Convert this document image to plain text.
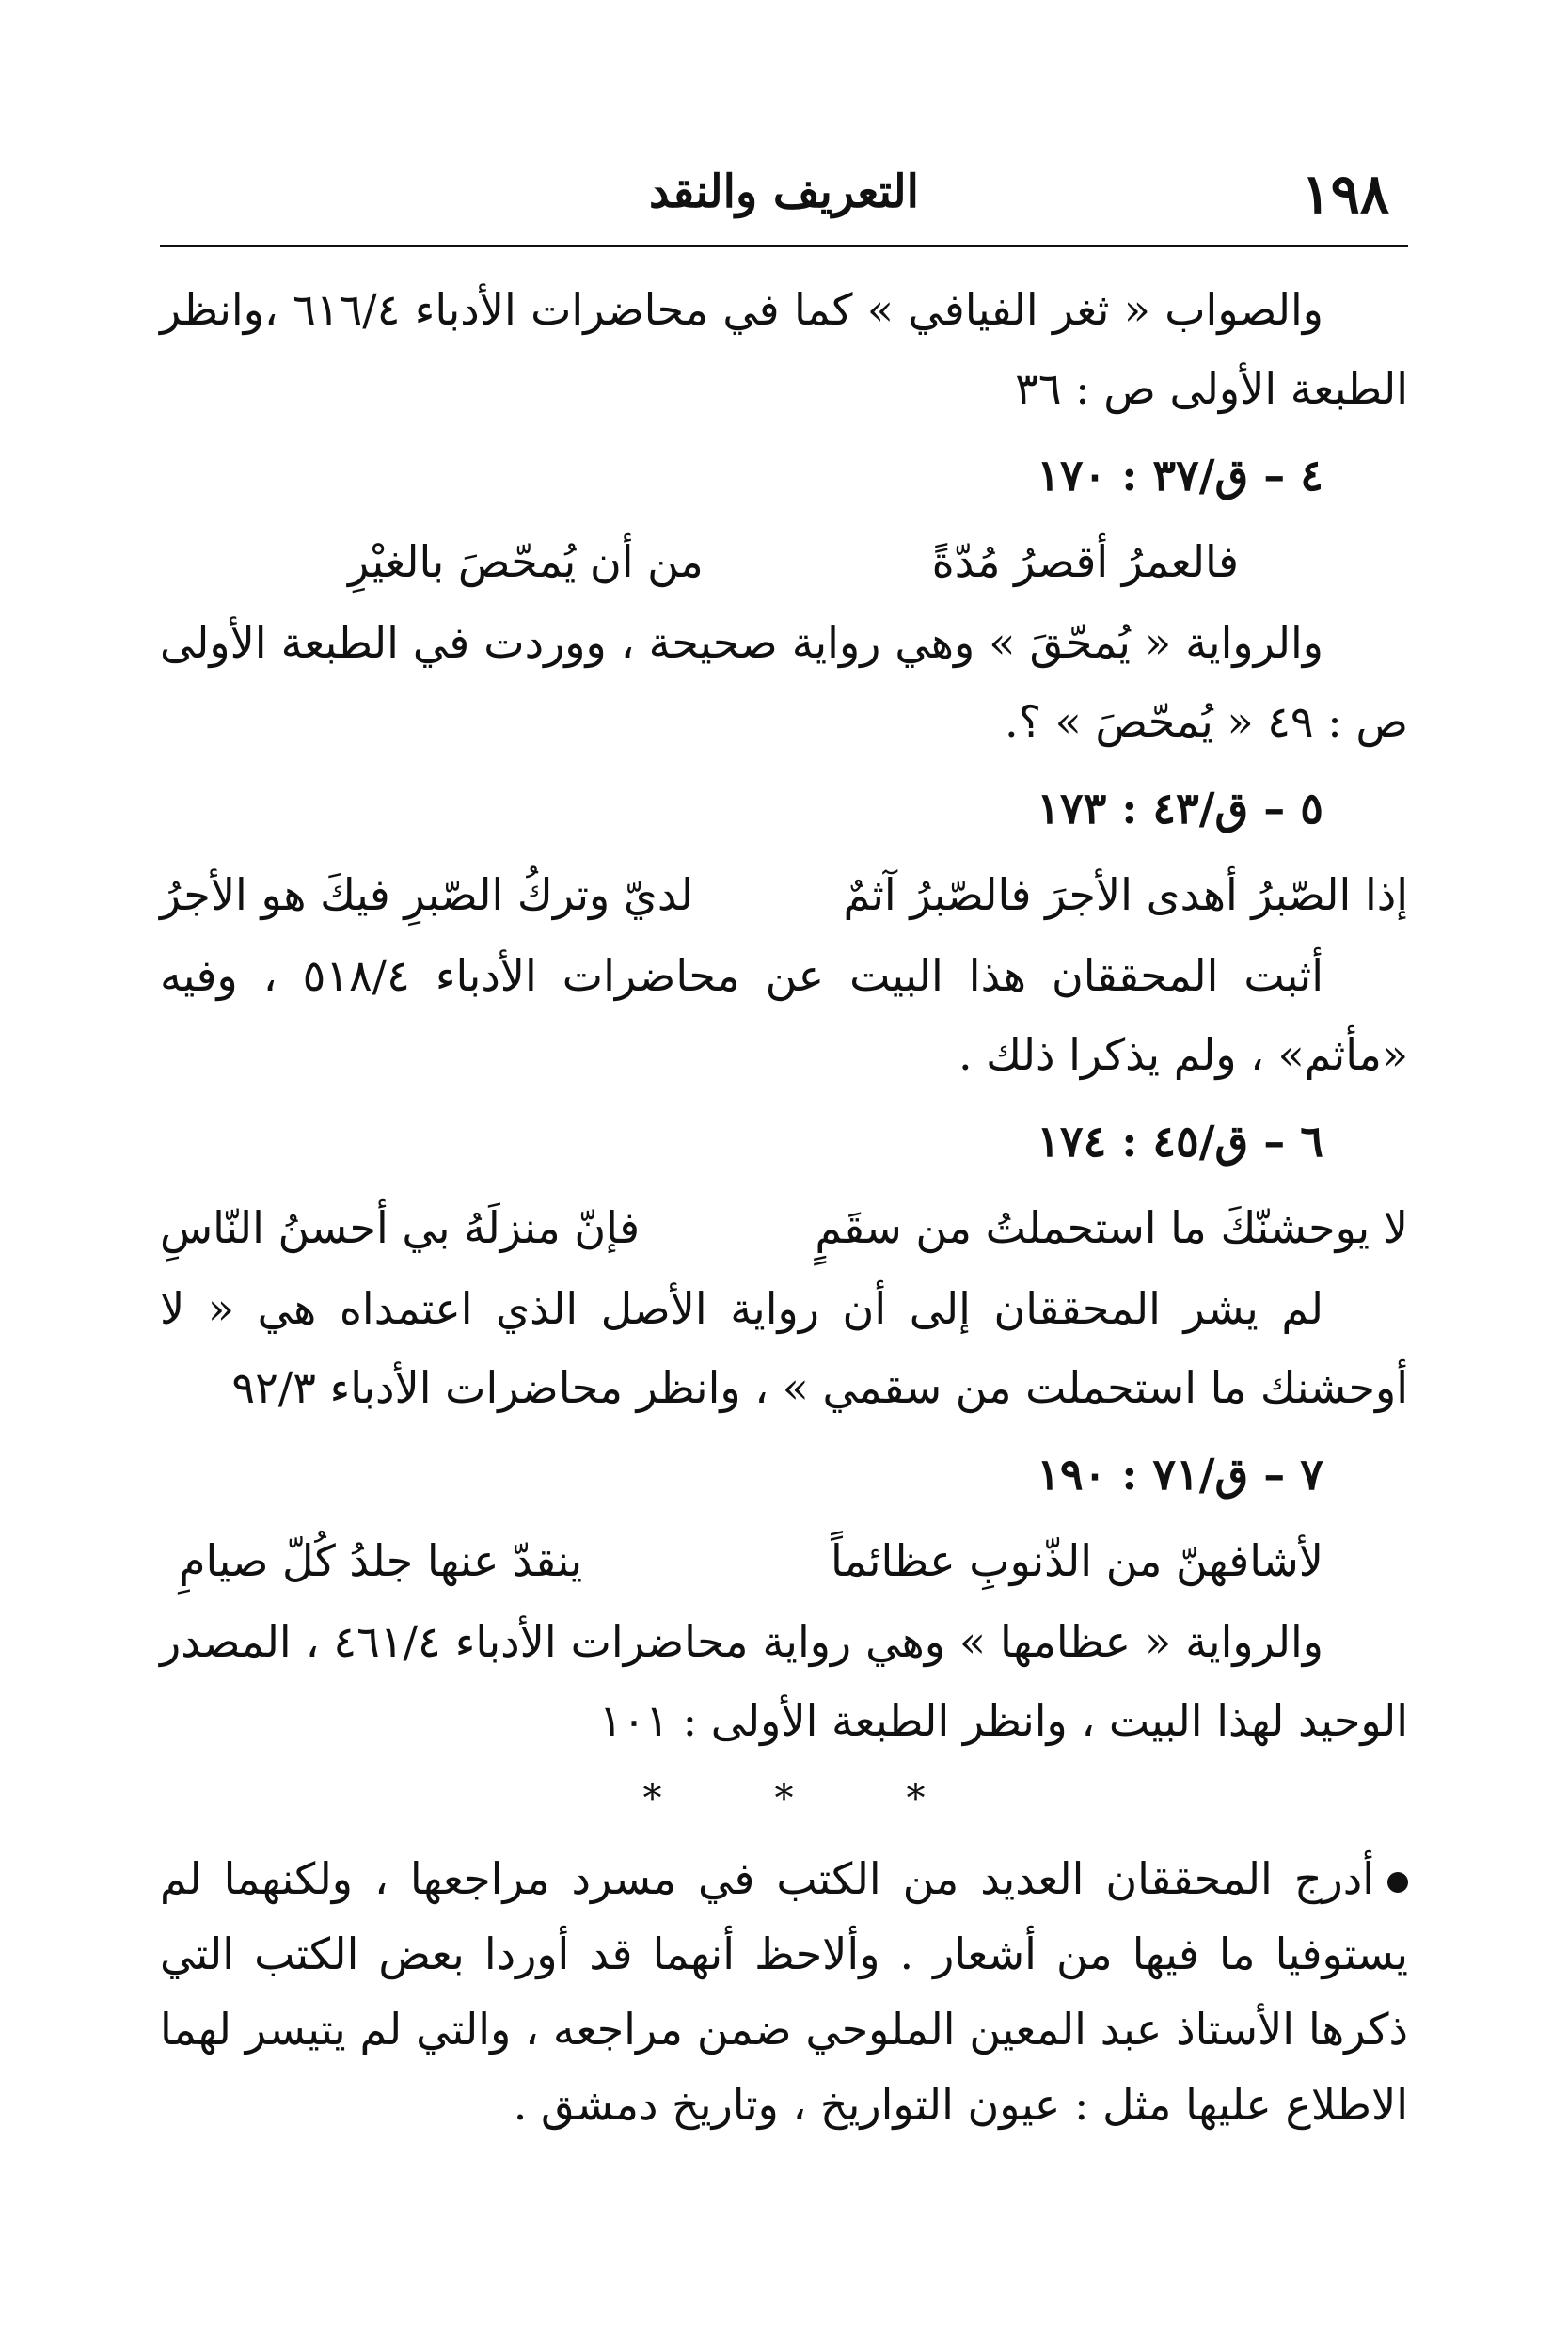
١٩٨
التعريف والنقد

والصواب « ثغر الفيافي » كما في محاضرات الأدباء ٦١٦/٤ ،وانظر الطبعة الأولى ص : ٣٦

٤ – ق/٣٧ : ١٧٠
فالعمرُ أقصرُ مُدّةً
من أن يُمحّصَ بالغيْرِ

والرواية « يُمحّقَ » وهي رواية صحيحة ، ووردت في الطبعة الأولى ص : ٤٩ « يُمحّصَ » ؟.

٥ – ق/٤٣ : ١٧٣
إذا الصّبرُ أهدى الأجرَ فالصّبرُ آثمٌ
لديّ وتركُ الصّبرِ فيكَ هو الأجرُ

أثبت المحققان هذا البيت عن محاضرات الأدباء ٥١٨/٤ ، وفيه «مأثم» ، ولم يذكرا ذلك .

٦ – ق/٤٥ : ١٧٤
لا يوحشنّكَ ما استحملتُ من سقَمٍ
فإنّ منزلَهُ بي أحسنُ النّاسِ

لم يشر المحققان إلى أن رواية الأصل الذي اعتمداه هي « لا أوحشنك ما استحملت من سقمي » ، وانظر محاضرات الأدباء ٩٢/٣

٧ – ق/٧١ : ١٩٠
لأشافهنّ من الذّنوبِ عظائماً
ينقدّ عنها جلدُ كُلّ صيامِ

والرواية « عظامها » وهي رواية محاضرات الأدباء ٤٦١/٤ ، المصدر الوحيد لهذا البيت ، وانظر الطبعة الأولى : ١٠١

*
*
*

أدرج المحققان العديد من الكتب في مسرد مراجعها ، ولكنهما لم يستوفيا ما فيها من أشعار . وألاحظ أنهما قد أوردا بعض الكتب التي ذكرها الأستاذ عبد المعين الملوحي ضمن مراجعه ، والتي لم يتيسر لهما الاطلاع عليها مثل : عيون التواريخ ، وتاريخ دمشق .
